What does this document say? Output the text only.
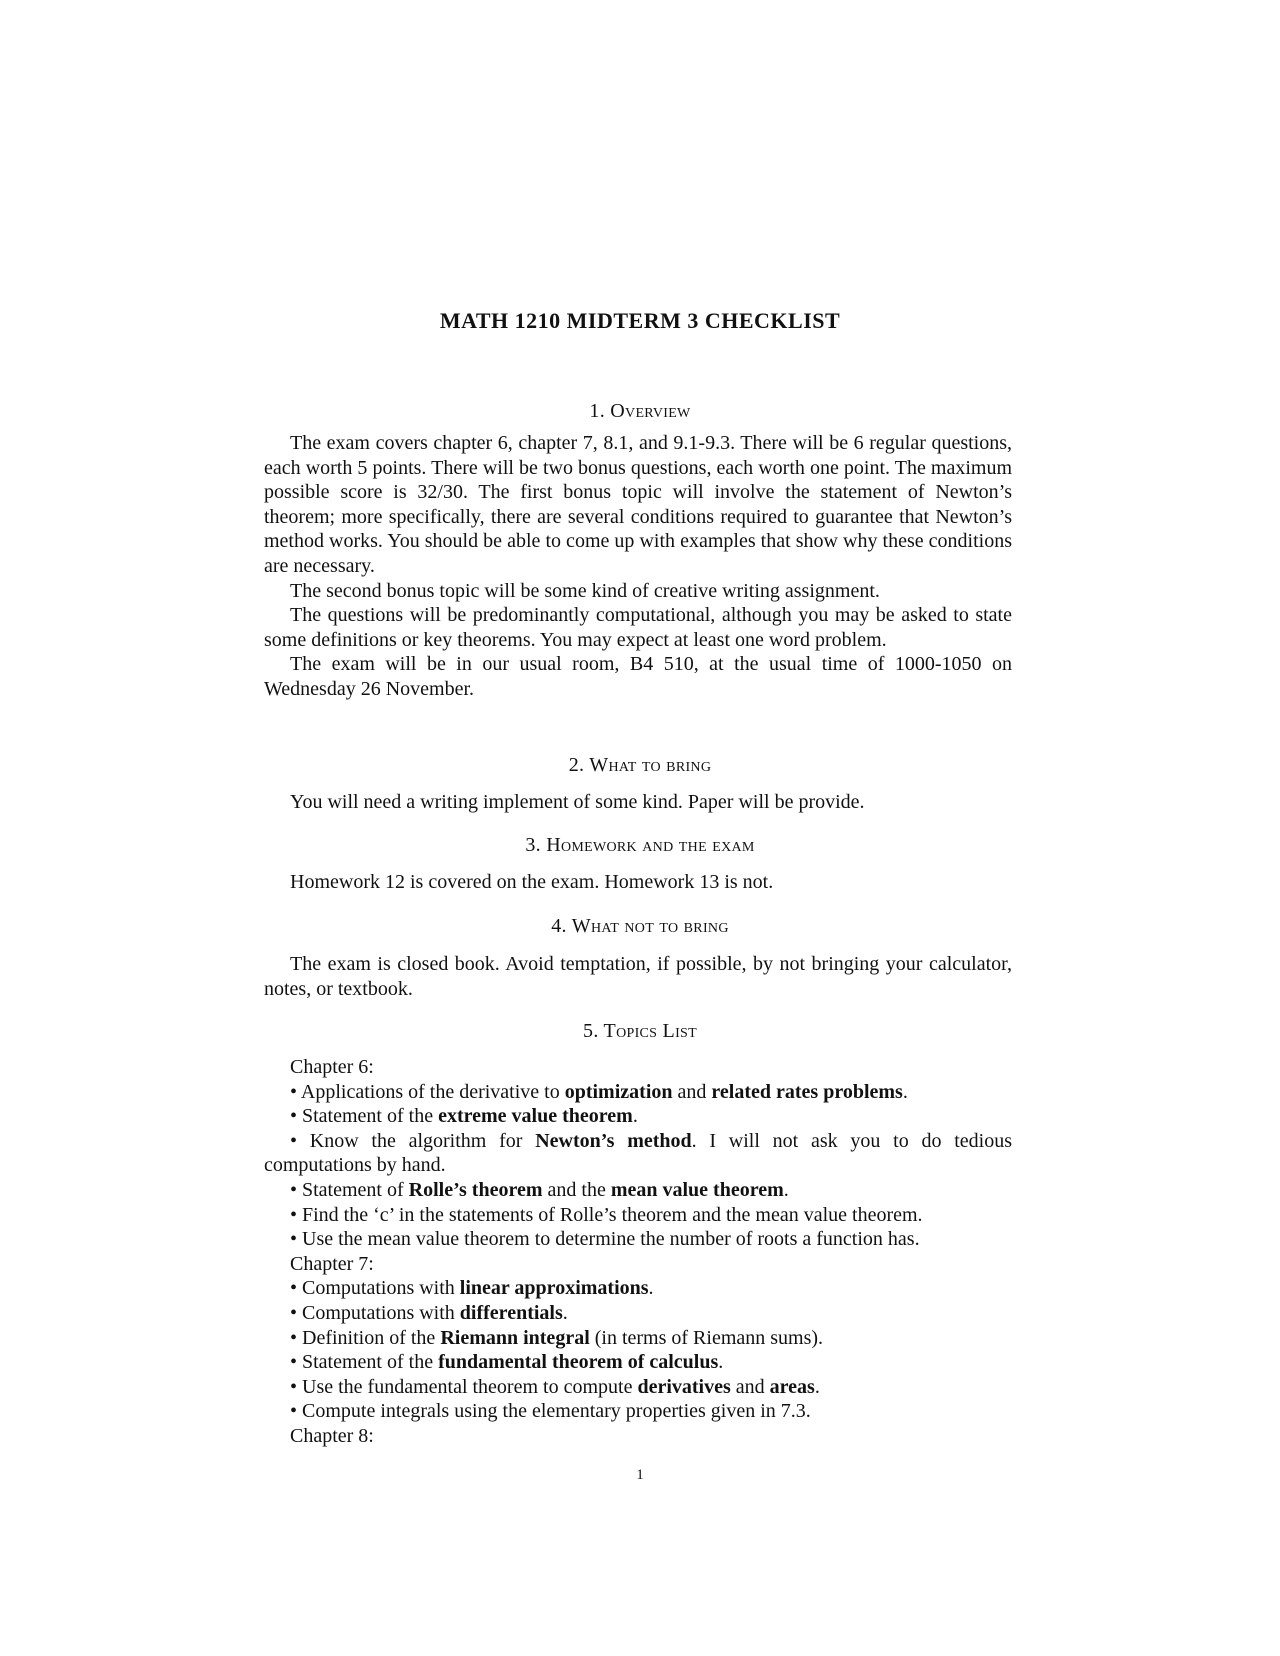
MATH 1210 MIDTERM 3 CHECKLIST
1. Overview

The exam covers chapter 6, chapter 7, 8.1, and 9.1-9.3. There will be 6 regular questions, each worth 5 points. There will be two bonus questions, each worth one point. The maximum possible score is 32/30. The first bonus topic will involve the statement of Newton’s theorem; more specifically, there are several conditions required to guarantee that Newton’s method works. You should be able to come up with examples that show why these conditions are necessary.

The second bonus topic will be some kind of creative writing assignment.

The questions will be predominantly computational, although you may be asked to state some definitions or key theorems. You may expect at least one word problem.

The exam will be in our usual room, B4 510, at the usual time of 1000-1050 on Wednesday 26 November.

2. What to bring

You will need a writing implement of some kind. Paper will be provide.

3. Homework and the exam

Homework 12 is covered on the exam. Homework 13 is not.

4. What not to bring

The exam is closed book. Avoid temptation, if possible, by not bringing your calculator, notes, or textbook.

5. Topics List
Chapter 6:
• Applications of the derivative to optimization and related rates problems.
• Statement of the extreme value theorem.
• Know the algorithm for Newton’s method. I will not ask you to do tedious computations by hand.
• Statement of Rolle’s theorem and the mean value theorem.
• Find the ‘c’ in the statements of Rolle’s theorem and the mean value theorem.
• Use the mean value theorem to determine the number of roots a function has.
Chapter 7:
• Computations with linear approximations.
• Computations with differentials.
• Definition of the Riemann integral (in terms of Riemann sums).
• Statement of the fundamental theorem of calculus.
• Use the fundamental theorem to compute derivatives and areas.
• Compute integrals using the elementary properties given in 7.3.
Chapter 8:
1
